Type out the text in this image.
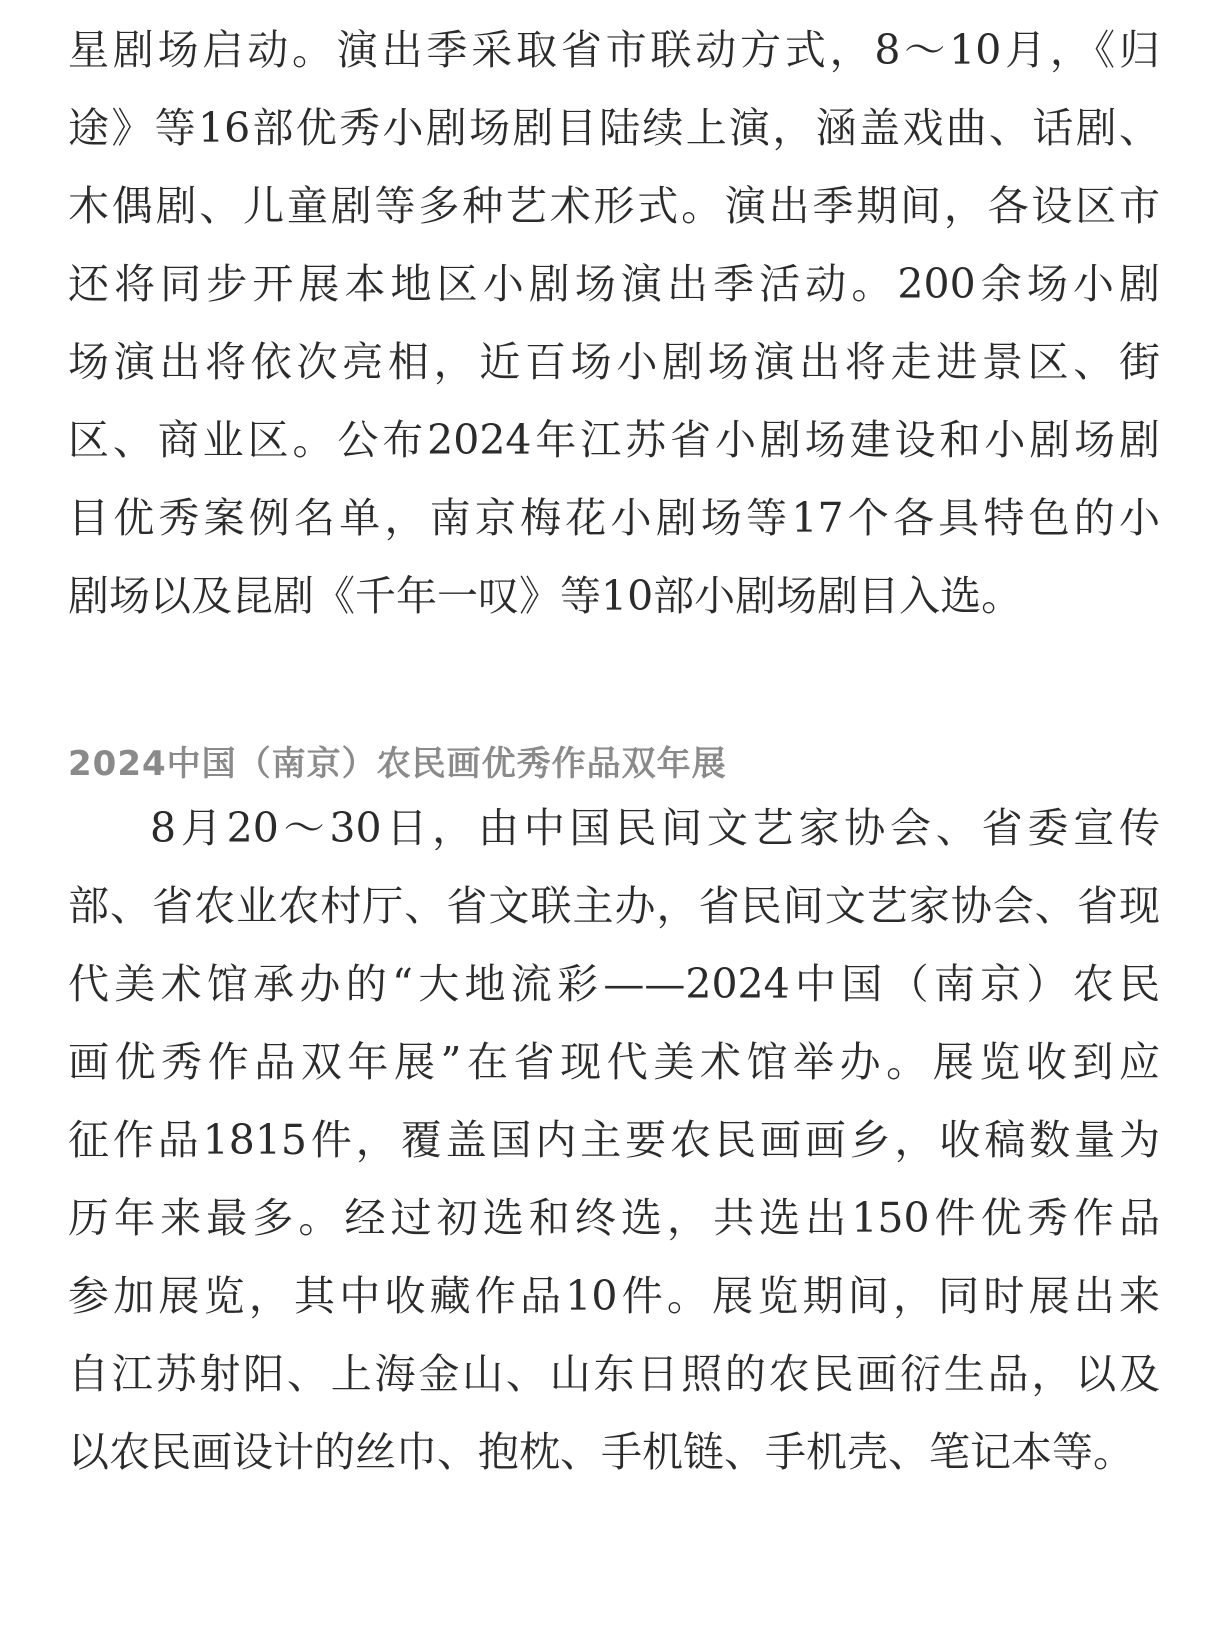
星剧场启动。演出季采取省市联动方式，8～10月，《归
途》等16部优秀小剧场剧目陆续上演，涵盖戏曲、话剧、
木偶剧、儿童剧等多种艺术形式。演出季期间，各设区市
还将同步开展本地区小剧场演出季活动。200余场小剧
场演出将依次亮相，近百场小剧场演出将走进景区、街
区、商业区。公布2024年江苏省小剧场建设和小剧场剧
目优秀案例名单，南京梅花小剧场等17个各具特色的小
剧场以及昆剧《千年一叹》等10部小剧场剧目入选。
2024中国（南京）农民画优秀作品双年展
8月20～30日，由中国民间文艺家协会、省委宣传
部、省农业农村厅、省文联主办，省民间文艺家协会、省现
代美术馆承办的“大地流彩——2024中国（南京）农民
画优秀作品双年展”在省现代美术馆举办。展览收到应
征作品1815件，覆盖国内主要农民画画乡，收稿数量为
历年来最多。经过初选和终选，共选出150件优秀作品
参加展览，其中收藏作品10件。展览期间，同时展出来
自江苏射阳、上海金山、山东日照的农民画衍生品，以及
以农民画设计的丝巾、抱枕、手机链、手机壳、笔记本等。
